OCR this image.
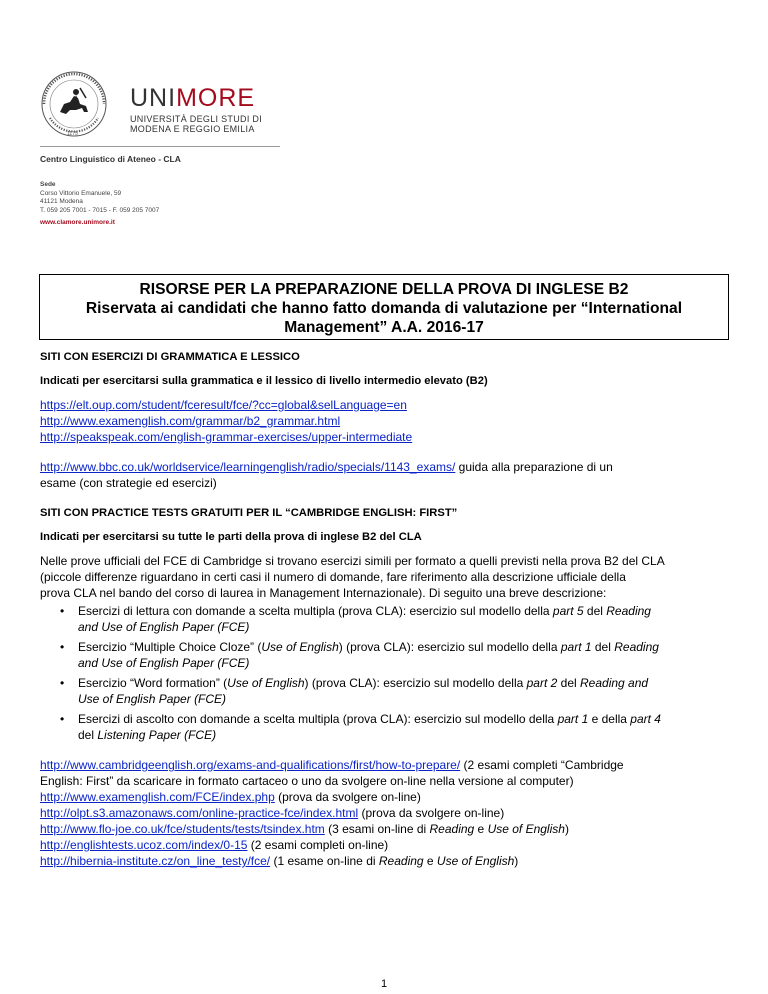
UNIMORE
UNIVERSITÀ DEGLI STUDI DI
MODENA E REGGIO EMILIA
1175
Centro Linguistico di Ateneo - CLA
Sede
Corso Vittorio Emanuele, 59
41121 Modena
T. 059 205 7001 - 7015 - F. 059 205 7007
www.clamore.unimore.it
RISORSE PER LA PREPARAZIONE DELLA PROVA DI INGLESE B2
Riservata ai candidati che hanno fatto domanda di valutazione per “International
Management” A.A. 2016-17

SITI CON ESERCIZI DI GRAMMATICA E LESSICO

Indicati per esercitarsi sulla grammatica e il lessico di livello intermedio elevato (B2)

https://elt.oup.com/student/fceresult/fce/?cc=global&selLanguage=en

http://www.examenglish.com/grammar/b2_grammar.html

http://speakspeak.com/english-grammar-exercises/upper-intermediate

http://www.bbc.co.uk/worldservice/learningenglish/radio/specials/1143_exams/ guida alla preparazione di un
esame (con strategie ed esercizi)

SITI CON PRACTICE TESTS GRATUITI PER IL “CAMBRIDGE ENGLISH: FIRST”

Indicati per esercitarsi su tutte le parti della prova di inglese B2 del CLA

Nelle prove ufficiali del FCE di Cambridge si trovano esercizi simili per formato a quelli previsti nella prova B2 del CLA

(piccole differenze riguardano in certi casi il numero di domande, fare riferimento alla descrizione ufficiale della

prova CLA nel bando del corso di laurea in Management Internazionale). Di seguito una breve descrizione:

• Esercizi di lettura con domande a scelta multipla (prova CLA): esercizio sul modello della part 5 del Reading
and Use of English Paper (FCE)
• Esercizio “Multiple Choice Cloze” (Use of English) (prova CLA): esercizio sul modello della part 1 del Reading
and Use of English Paper (FCE)
• Esercizio “Word formation” (Use of English) (prova CLA): esercizio sul modello della part 2 del Reading and
Use of English Paper (FCE)
• Esercizi di ascolto con domande a scelta multipla (prova CLA): esercizio sul modello della part 1 e della part 4
del Listening Paper (FCE)

http://www.cambridgeenglish.org/exams-and-qualifications/first/how-to-prepare/ (2 esami completi “Cambridge
English: First” da scaricare in formato cartaceo o uno da svolgere on-line nella versione al computer)

http://www.examenglish.com/FCE/index.php (prova da svolgere on-line)

http://olpt.s3.amazonaws.com/online-practice-fce/index.html (prova da svolgere on-line)

http://www.flo-joe.co.uk/fce/students/tests/tsindex.htm (3 esami on-line di Reading e Use of English)

http://englishtests.ucoz.com/index/0-15 (2 esami completi on-line)

http://hibernia-institute.cz/on_line_testy/fce/ (1 esame on-line di Reading e Use of English)

1
